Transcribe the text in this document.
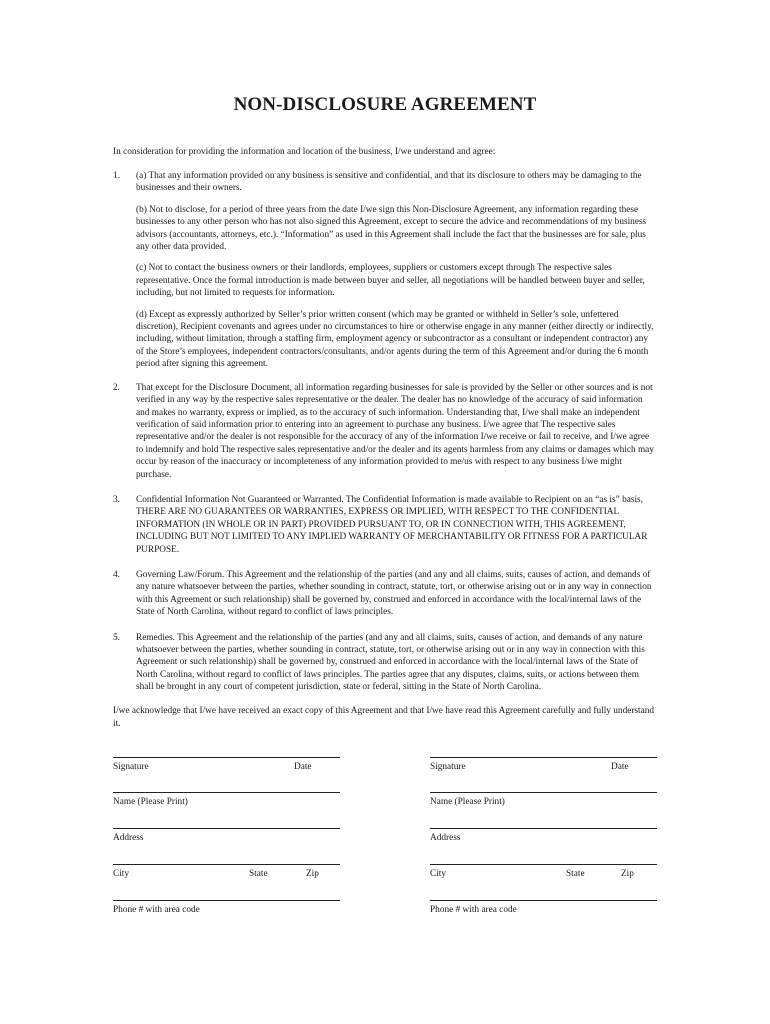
NON-DISCLOSURE AGREEMENT

In consideration for providing the information and location of the business, I/we understand and agree:

1.	(a) That any information provided on any business is sensitive and confidential, and that its disclosure to others may be damaging to the businesses and their owners.

(b) Not to disclose, for a period of three years from the date I/we sign this Non-Disclosure Agreement, any information regarding these businesses to any other person who has not also signed this Agreement, except to secure the advice and recommendations of my business advisors (accountants, attorneys, etc.). “Information” as used in this Agreement shall include the fact that the businesses are for sale, plus any other data provided.

(c) Not to contact the business owners or their landlords, employees, suppliers or customers except through The respective sales representative. Once the formal introduction is made between buyer and seller, all negotiations will be handled between buyer and seller, including, but not limited to requests for information.

(d) Except as expressly authorized by Seller’s prior written consent (which may be granted or withheld in Seller’s sole, unfettered discretion), Recipient covenants and agrees under no circumstances to hire or otherwise engage in any manner (either directly or indirectly, including, without limitation, through a staffing firm, employment agency or subcontractor as a consultant or independent contractor) any of the Store’s employees, independent contractors/consultants, and/or agents during the term of this Agreement and/or during the 6 month period after signing this agreement.

2.	That except for the Disclosure Document, all information regarding businesses for sale is provided by the Seller or other sources and is not verified in any way by the respective sales representative or the dealer. The dealer has no knowledge of the accuracy of said information and makes no warranty, express or implied, as to the accuracy of such information. Understanding that, I/we shall make an independent verification of said information prior to entering into an agreement to purchase any business. I/we agree that The respective sales representative and/or the dealer is not responsible for the accuracy of any of the information I/we receive or fail to receive, and I/we agree to indemnify and hold The respective sales representative and/or the dealer and its agents harmless from any claims or damages which may occur by reason of the inaccuracy or incompleteness of any information provided to me/us with respect to any business I/we might purchase.

3.	Confidential Information Not Guaranteed or Warranted. The Confidential Information is made available to Recipient on an “as is” basis, THERE ARE NO GUARANTEES OR WARRANTIES, EXPRESS OR IMPLIED, WITH RESPECT TO THE CONFIDENTIAL INFORMATION (IN WHOLE OR IN PART) PROVIDED PURSUANT TO, OR IN CONNECTION WITH, THIS AGREEMENT, INCLUDING BUT NOT LIMITED TO ANY IMPLIED WARRANTY OF MERCHANTABILITY OR FITNESS FOR A PARTICULAR PURPOSE.

4.	Governing Law/Forum. This Agreement and the relationship of the parties (and any and all claims, suits, causes of action, and demands of any nature whatsoever between the parties, whether sounding in contract, statute, tort, or otherwise arising out or in any way in connection with this Agreement or such relationship) shall be governed by, construed and enforced in accordance with the local/internal laws of the State of North Carolina, without regard to conflict of laws principles.

5.	Remedies. This Agreement and the relationship of the parties (and any and all claims, suits, causes of action, and demands of any nature whatsoever between the parties, whether sounding in contract, statute, tort, or otherwise arising out or in any way in connection with this Agreement or such relationship) shall be governed by, construed and enforced in accordance with the local/internal laws of the State of North Carolina, without regard to conflict of laws principles. The parties agree that any disputes, claims, suits, or actions between them shall be brought in any court of competent jurisdiction, state or federal, sitting in the State of North Carolina.

I/we acknowledge that I/we have received an exact copy of this Agreement and that I/we have read this Agreement carefully and fully understand it.

Signature	Date
Name (Please Print)
Address
City	State	Zip
Phone # with area code
Signature	Date
Name (Please Print)
Address
City	State	Zip
Phone # with area code
